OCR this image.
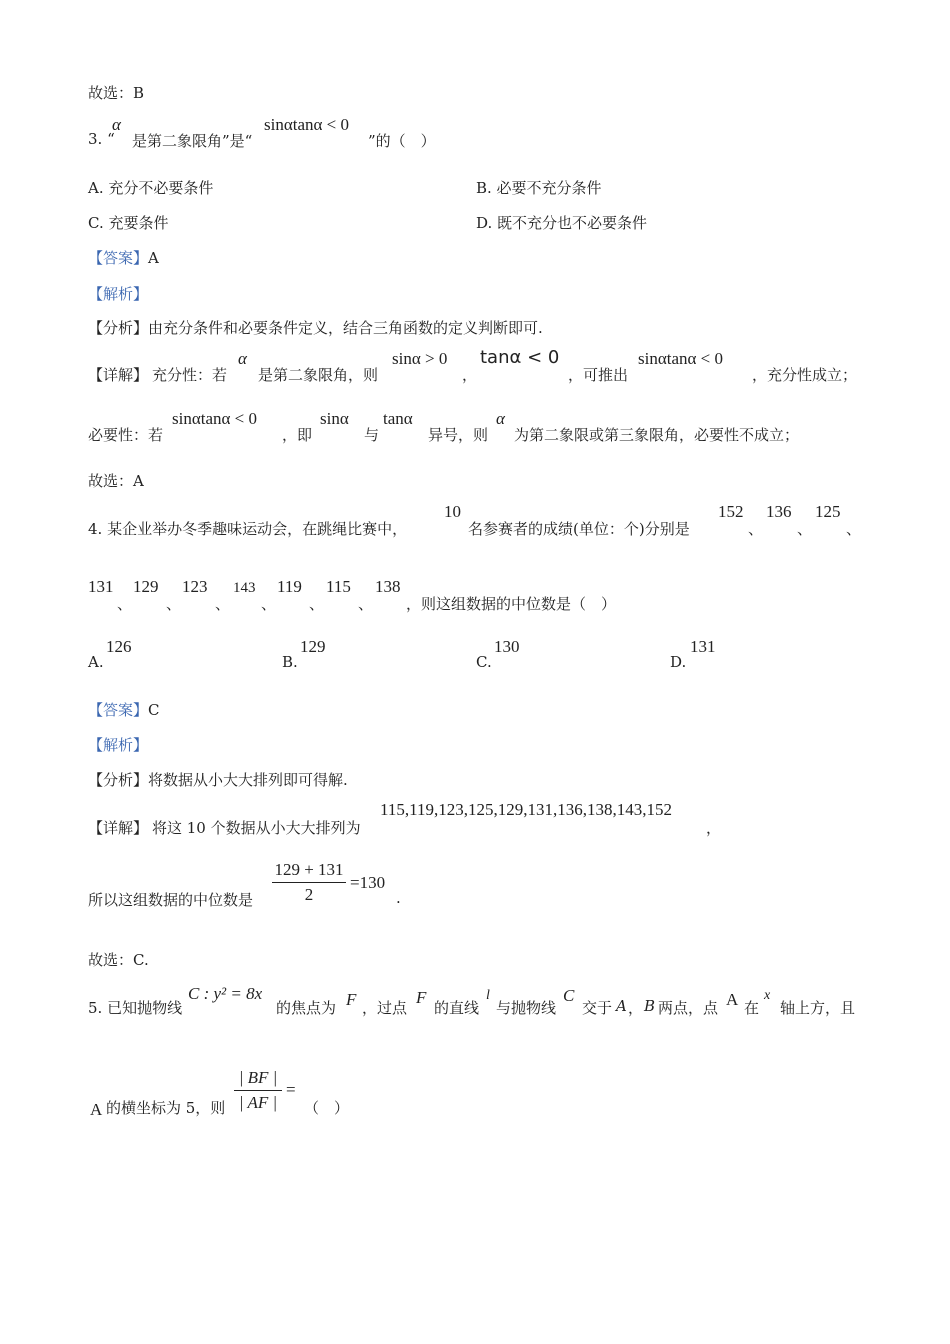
故选：B
3. “
α
是第二象限角”是“
sinαtanα < 0
”的（　）
A. 充分不必要条件	B. 必要不充分条件
C. 充要条件	D. 既不充分也不必要条件
【答案】A
【解析】
【分析】由充分条件和必要条件定义，结合三角函数的定义判断即可.
【详解】 充分性：若
α
是第二象限角，则
sinα > 0
，
tanα < 0
，可推出
sinαtanα < 0
，充分性成立；
必要性：若
sinαtanα < 0
，即
sinα
与
tanα
异号，则
α
为第二象限或第三象限角，必要性不成立；
故选：A
4. 某企业举办冬季趣味运动会，在跳绳比赛中，
10
名参赛者的成绩(单位：个)分别是
152
、
136
、
125
、
131
、
129
、
123
、
143
、
119
、
115
、
138
，则这组数据的中位数是（　）
A.
126
B.
129
C.
130
D.
131
【答案】C
【解析】
【分析】将数据从小大大排列即可得解.
【详解】 将这 10 个数据从小大大排列为
115,119,123,125,129,131,136,138,143,152
，
所以这组数据的中位数是
129 + 131
2
=130
.
故选：C.
5. 已知抛物线
C : y² = 8x
的焦点为 F ，过点
F
的直线
l
与抛物线
C
交于 A ， B 两点，点 A 在
x
轴上方，且
A 的横坐标为 5，则
| BF |
| AF |
=
（　）
